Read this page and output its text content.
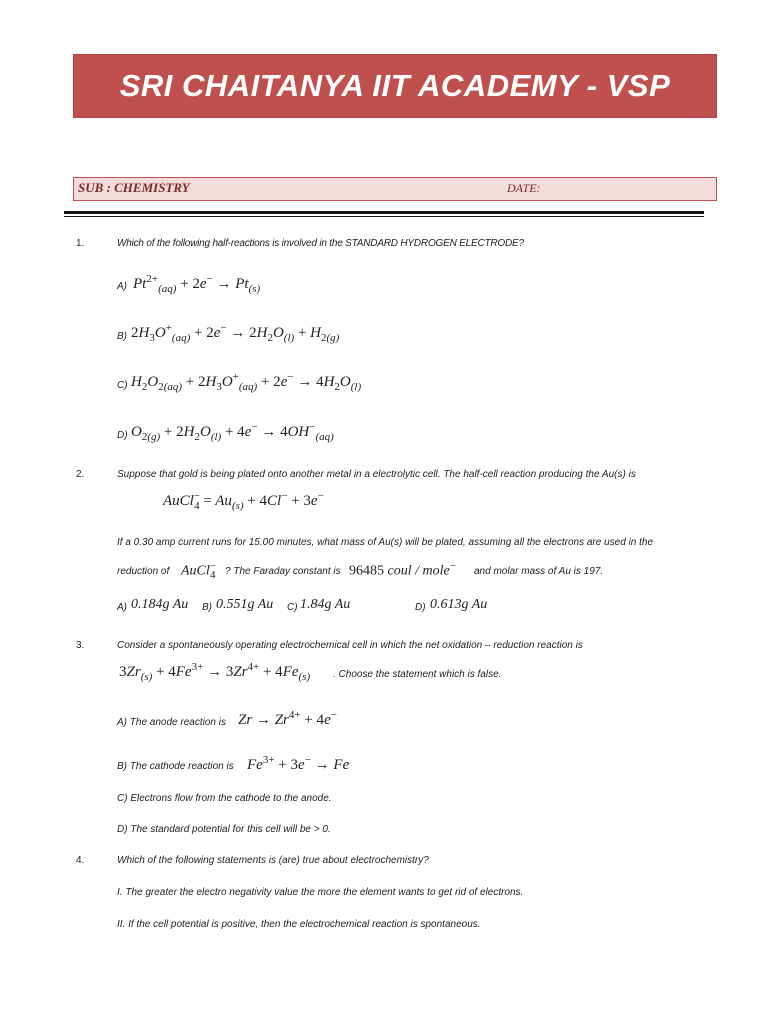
SRI CHAITANYA IIT ACADEMY - VSP
SUB : CHEMISTRY	DATE:
1.	Which of the following half-reactions is involved in the STANDARD HYDROGEN ELECTRODE?
A) $Pt^{2+}_{(aq)} + 2e^- \to Pt_{(s)}$
B) $2H_3O^+_{(aq)} + 2e^- \to 2H_2O_{(l)} + H_{2(g)}$
C) $H_2O_{2(aq)} + 2H_3O^+_{(aq)} + 2e^- \to 4H_2O_{(l)}$
D) $O_{2(g)} + 2H_2O_{(l)} + 4e^- \to 4OH^-_{(aq)}$
2.	Suppose that gold is being plated onto another metal in a electrolytic cell. The half-cell reaction producing the Au(s) is
AuCl−$_4$ = $Au_{(s)} + 4Cl^- + 3e^-$
If a 0.30 amp current runs for 15.00 minutes, what mass of Au(s) will be plated, assuming all the electrons are used in the
reduction of AuCl−$_4$ ? The Faraday constant is 96485 coul / mole− and molar mass of Au is 197.
A) 0.184g Au B) 0.551g Au C) 1.84g Au	D) 0.613g Au
3.	Consider a spontaneously operating electrochemical cell in which the net oxidation – reduction reaction is
$3Zr_{(s)} + 4Fe^{3+} \to 3Zr^{4+} + 4Fe_{(s)}$ . Choose the statement which is false.
A) The anode reaction is $Zr \to Zr^{4+} + 4e^-$
B) The cathode reaction is $Fe^{3+} + 3e^- \to Fe$
C) Electrons flow from the cathode to the anode.
D) The standard potential for this cell will be > 0.
4.	Which of the following statements is (are) true about electrochemistry?
I. The greater the electro negativity value the more the element wants to get rid of electrons.
II. If the cell potential is positive, then the electrochemical reaction is spontaneous.
